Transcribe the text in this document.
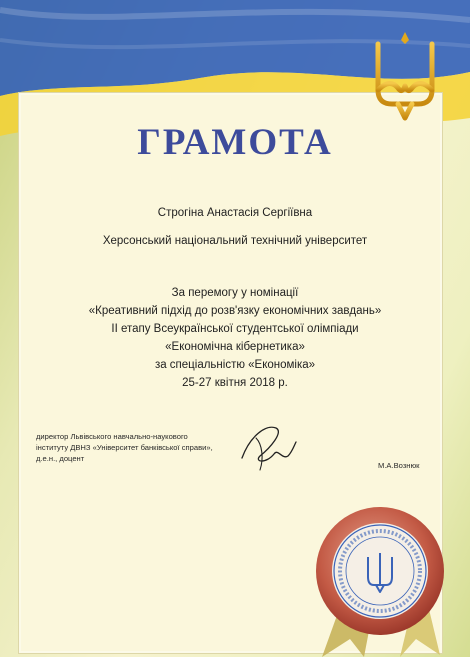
ГРАМОТА
Строгіна Анастасія Сергіївна
Херсонський національний технічний університет
За перемогу у номінації
«Креативний підхід до розв'язку економічних завдань»
ІІ етапу Всеукраїнської студентської олімпіади
«Економічна кібернетика»
за спеціальністю «Економіка»
25-27 квітня 2018 р.
директор Львівського навчально-наукового
інституту ДВНЗ «Університет банківської справи»,
д.е.н., доцент
М.А.Вознюк
